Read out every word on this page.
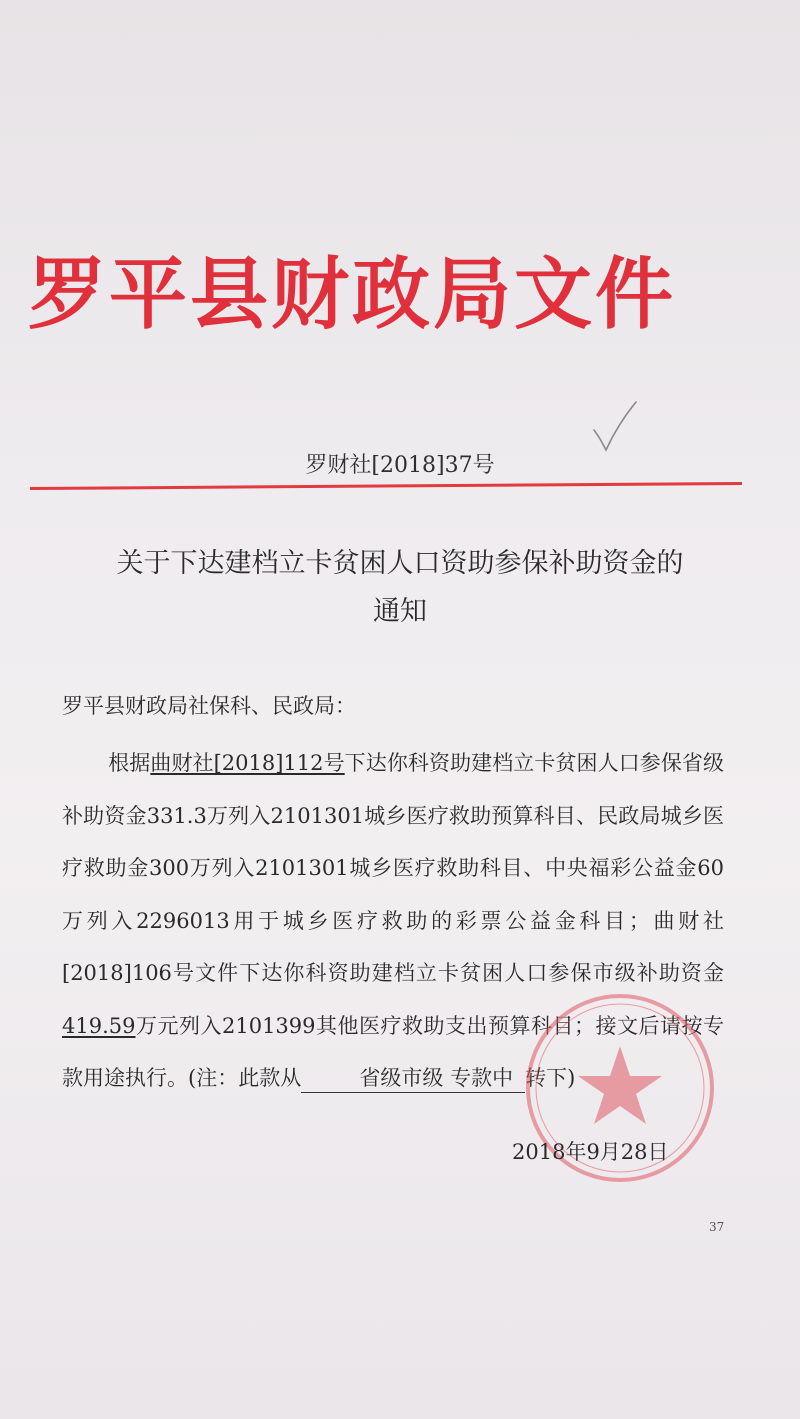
罗平县财政局文件
罗财社[2018]37号
关于下达建档立卡贫困人口资助参保补助资金的
通知
罗平县财政局社保科、民政局：

根据曲财社[2018]112号下达你科资助建档立卡贫困人口参保省级补助资金331.3万列入2101301城乡医疗救助预算科目、民政局城乡医疗救助金300万列入2101301城乡医疗救助科目、中央福彩公益金60万列入2296013用于城乡医疗救助的彩票公益金科目；曲财社[2018]106号文件下达你科资助建档立卡贫困人口参保市级补助资金419.59万元列入2101399其他医疗救助支出预算科目；接文后请按专款用途执行。(注：此款从	省级市级 专款中 转下)

2018年9月28日
37
